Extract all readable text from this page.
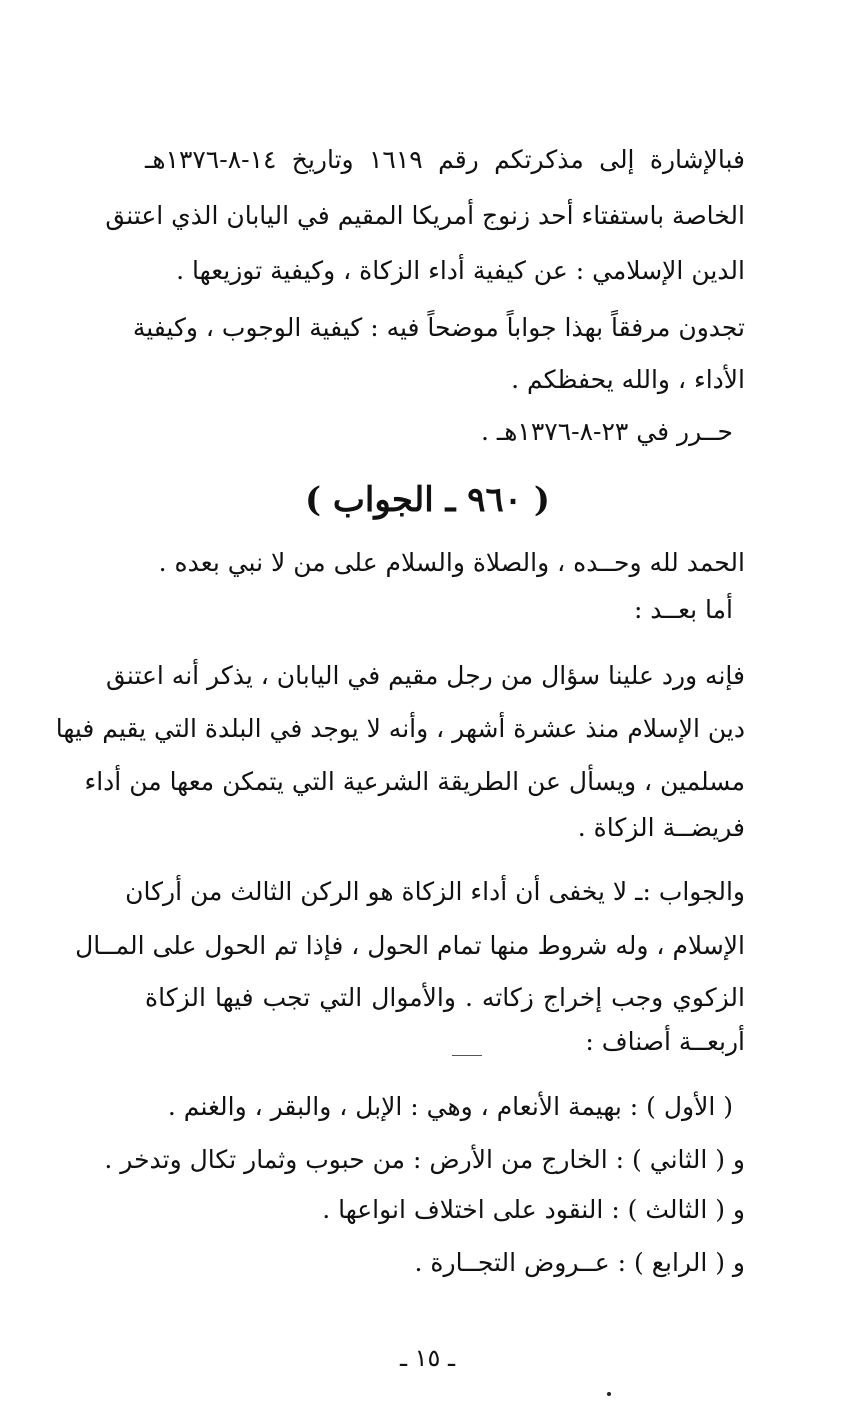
فبالإشارة إلى مذكرتكم رقم ١٦١٩ وتاريخ ١٤-٨-١٣٧٦هـ
الخاصة باستفتاء أحد زنوج أمريكا المقيم في اليابان الذي اعتنق
الدين الإسلامي : عن كيفية أداء الزكاة ، وكيفية توزيعها .
تجدون مرفقاً بهذا جواباً موضحاً فيه : كيفية الوجوب ، وكيفية
الأداء ، والله يحفظكم .
حــرر في ٢٣-٨-١٣٧٦هـ .
( ٩٦٠ ـ الجواب )
الحمد لله وحــده ، والصلاة والسلام على من لا نبي بعده .
أما بعــد :
فإنه ورد علينا سؤال من رجل مقيم في اليابان ، يذكر أنه اعتنق
دين الإسلام منذ عشرة أشهر ، وأنه لا يوجد في البلدة التي يقيم فيها
مسلمين ، ويسأل عن الطريقة الشرعية التي يتمكن معها من أداء
فريضــة الزكاة .
والجواب :ـ لا يخفى أن أداء الزكاة هو الركن الثالث من أركان
الإسلام ، وله شروط منها تمام الحول ، فإذا تم الحول على المــال
الزكوي وجب إخراج زكاته . والأموال التي تجب فيها الزكاة
أربعــة أصناف :
( الأول ) : بهيمة الأنعام ، وهي : الإبل ، والبقر ، والغنم .
و ( الثاني ) : الخارج من الأرض : من حبوب وثمار تكال وتدخر .
و ( الثالث ) : النقود على اختلاف انواعها .
و ( الرابع ) : عــروض التجــارة .
ـ ١٥ ـ
